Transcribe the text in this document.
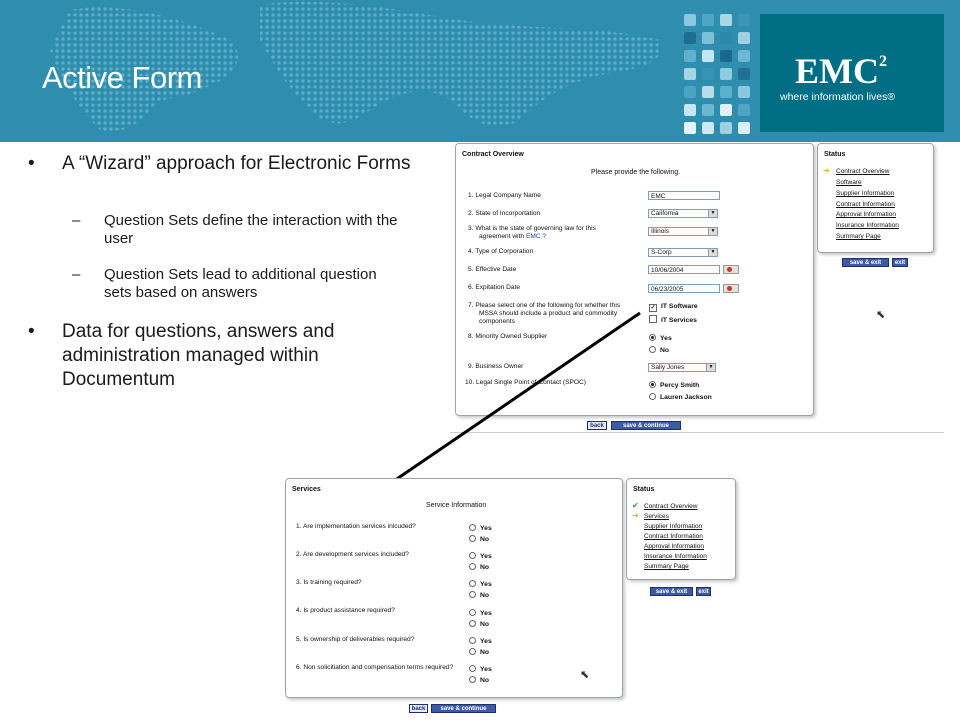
Active Form	EMC$^2$
where information lives®
• A “Wizard” approach for Electronic Forms
– Question Sets define the interaction with the user
– Question Sets lead to additional question sets based on answers
• Data for questions, answers and administration managed within Documentum
Contract Overview
Please provide the following.
1. Legal Company Name	EMC
2. State of Incorportation	California	▼
3. What is the state of governing law for this
agreement with EMC ?
Illinois	▼
4. Type of Corporation	S-Corp	▼
5. Effective Date	10/06/2004
6. Expitation Date	06/23/2005
7. Please select one of the following for whether this
MSSA should include a product and commodity
components
✓ IT Software
IT Services
8. Minority Owned Supplier	Yes
No
9. Business Owner	Sally Jones	▼
10. Legal Single Point of Contact (SPOC)	Percy Smith
Lauren Jackson
back	save & continue
Status
➔ Contract Overview
Software
Supplier Information
Contract Information
Approval Information
Insurance Information
Summary Page
save & exit	exit
⬉
Services
Service Information
1. Are implementation services inlcuded?	Yes
No
2. Are development services included?	Yes
No
3. Is training required?	Yes
No
4. Is product assistance required?	Yes
No
5. Is ownership of deliverables required?	Yes
No
6. Non solicitiation and compensation terms required?	Yes
No	⬉
back	save & continue
Status
✔ Contract Overview
➔ Services
Supplier Information
Contract Information
Approval Information
Insurance Information
Summary Page
save & exit	exit
